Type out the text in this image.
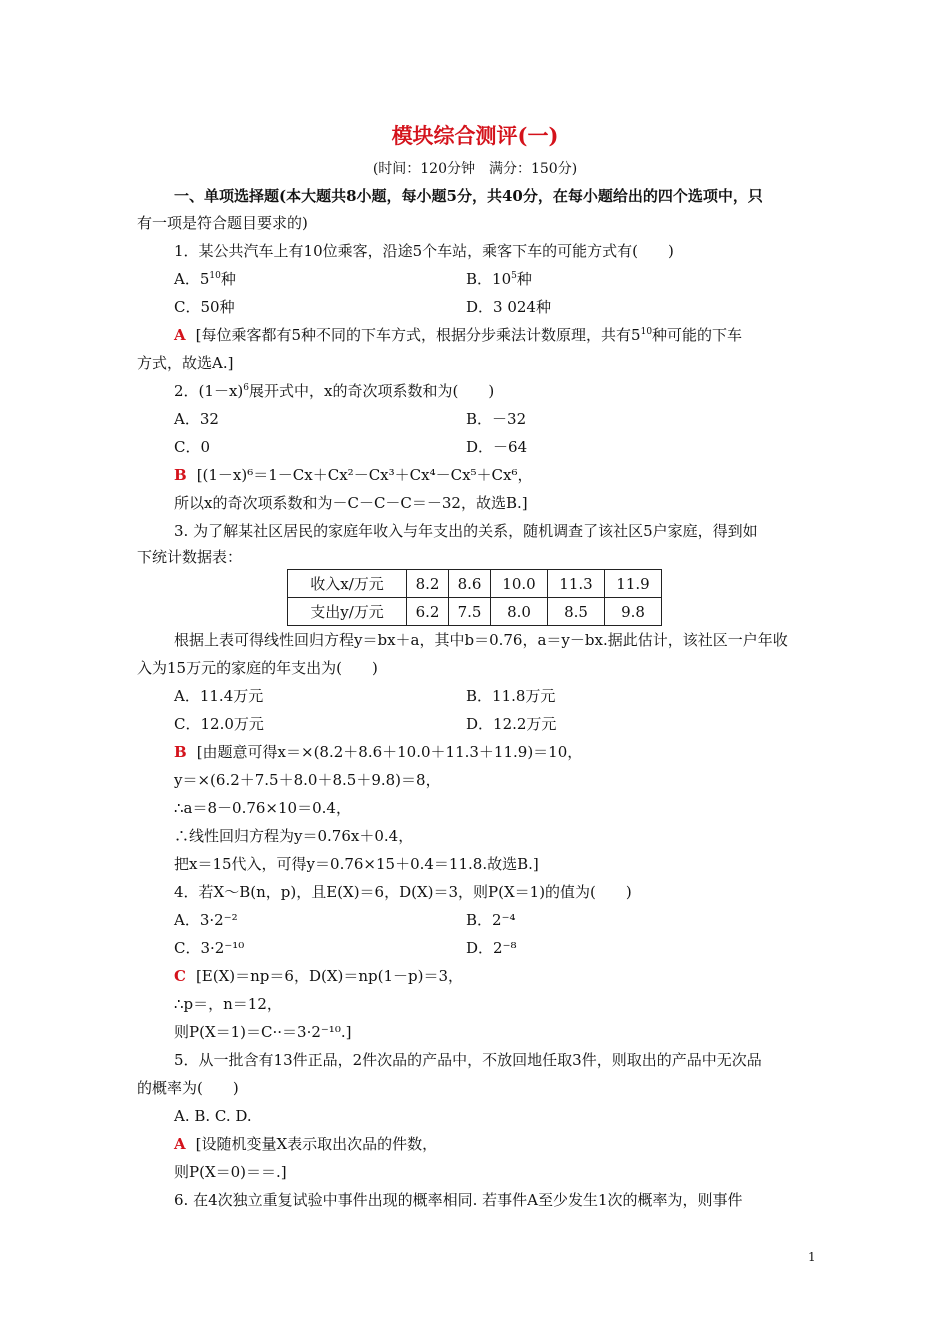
模块综合测评(一)
(时间：120分钟　满分：150分)
一、单项选择题(本大题共8小题，每小题5分，共40分，在每小题给出的四个选项中，只
有一项是符合题目要求的)
1．某公共汽车上有10位乘客，沿途5个车站，乘客下车的可能方式有(　　)
A．$5^{10}$种	B．$10^5$种
C．50种	D．3 024种
A [每位乘客都有5种不同的下车方式，根据分步乘法计数原理，共有$5^{10}$种可能的下车
方式，故选A.]
2．$(1-x)^6$展开式中，x的奇次项系数和为(　　)
A．32	B．－32
C．0	D．－64
B [(1－x)⁶＝1－Cx＋Cx²－Cx³＋Cx⁴－Cx⁵＋Cx⁶，
所以x的奇次项系数和为－C－C－C＝－32，故选B.]
3. 为了解某社区居民的家庭年收入与年支出的关系，随机调查了该社区5户家庭，得到如
下统计数据表：
收入x/万元	8.2	8.6	10.0	11.3	11.9
支出y/万元	6.2	7.5	8.0	8.5	9.8
根据上表可得线性回归方程y＝bx＋a，其中b＝0.76，a＝y－bx.据此估计，该社区一户年收
入为15万元的家庭的年支出为(　　)
A．11.4万元	B．11.8万元
C．12.0万元	D．12.2万元
B [由题意可得x＝×(8.2＋8.6＋10.0＋11.3＋11.9)＝10，
y＝×(6.2＋7.5＋8.0＋8.5＋9.8)＝8，
∴a＝8－0.76×10＝0.4，
∴线性回归方程为y＝0.76x＋0.4，
把x＝15代入，可得y＝0.76×15＋0.4＝11.8.故选B.]
4．若X～B(n，p)，且E(X)＝6，D(X)＝3，则P(X＝1)的值为(　　)
A．3·2⁻²	B．2⁻⁴
C．3·2⁻¹⁰	D．2⁻⁸
C [E(X)＝np＝6，D(X)＝np(1－p)＝3，
∴p＝，n＝12，
则P(X＝1)＝C··＝3·2⁻¹⁰.]
5．从一批含有13件正品，2件次品的产品中，不放回地任取3件，则取出的产品中无次品
的概率为(　　)
A. B. C. D.
A [设随机变量X表示取出次品的件数，
则P(X＝0)＝＝.]
6. 在4次独立重复试验中事件出现的概率相同. 若事件A至少发生1次的概率为，则事件
1
